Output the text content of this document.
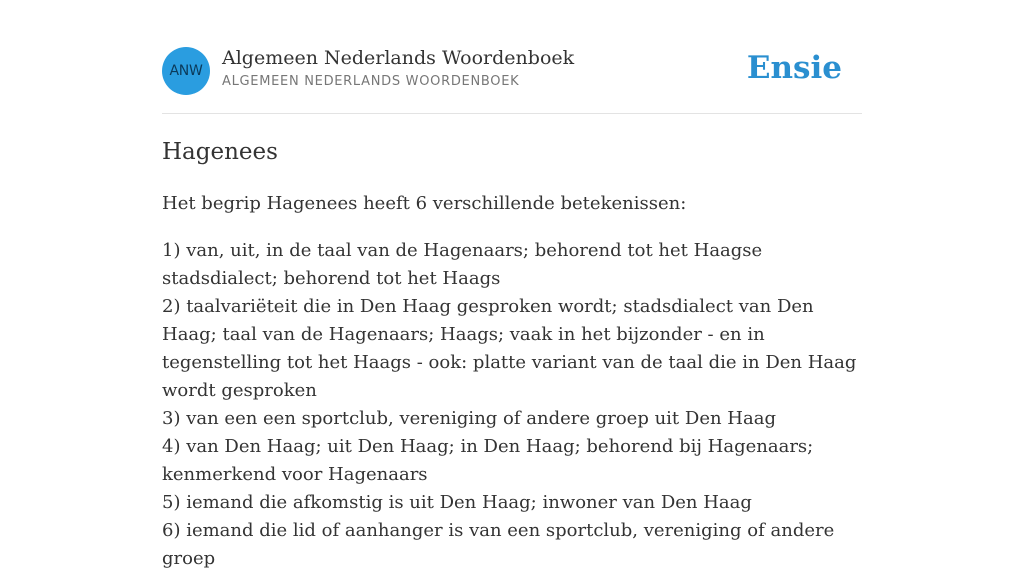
ANW
Algemeen Nederlands Woordenboek
ALGEMEEN NEDERLANDS WOORDENBOEK	Ensie
Hagenees

Het begrip Hagenees heeft 6 verschillende betekenissen:

1) van, uit, in de taal van de Hagenaars; behorend tot het Haagse stadsdialect; behorend tot het Haags
2) taalvariëteit die in Den Haag gesproken wordt; stadsdialect van Den Haag; taal van de Hagenaars; Haags; vaak in het bijzonder - en in tegenstelling tot het Haags - ook: platte variant van de taal die in Den Haag wordt gesproken
3) van een een sportclub, vereniging of andere groep uit Den Haag
4) van Den Haag; uit Den Haag; in Den Haag; behorend bij Hagenaars; kenmerkend voor Hagenaars
5) iemand die afkomstig is uit Den Haag; inwoner van Den Haag
6) iemand die lid of aanhanger is van een sportclub, vereniging of andere groep
